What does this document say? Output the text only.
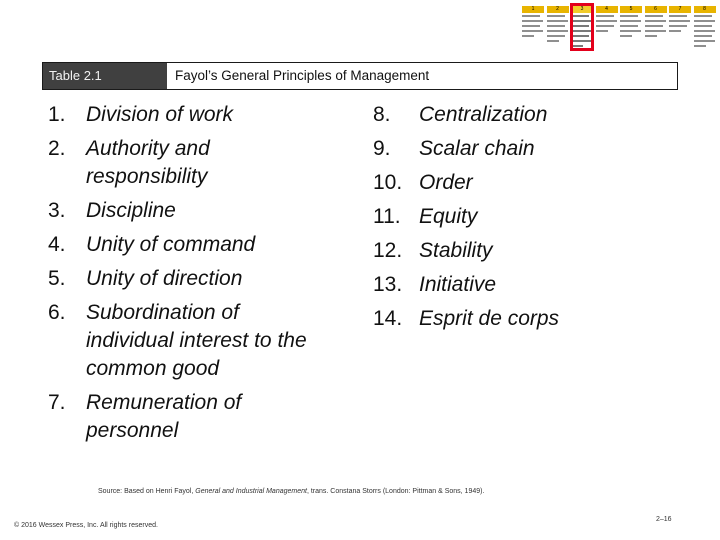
1	2	3	4	5	6	7	8
Table 2.1	Fayol’s General Principles of Management
1. Division of work
2. Authority and
responsibility
3. Discipline
4. Unity of command
5. Unity of direction
6. Subordination of
individual interest to the
common good
7. Remuneration of
personnel
8.	Centralization
9.	Scalar chain
10. Order
11. Equity
12. Stability
13. Initiative
14. Esprit de corps
Source: Based on Henri Fayol, General and Industrial Management, trans. Constana Storrs (London: Pittman & Sons, 1949).
© 2016 Wessex Press, Inc. All rights reserved.
2–16
